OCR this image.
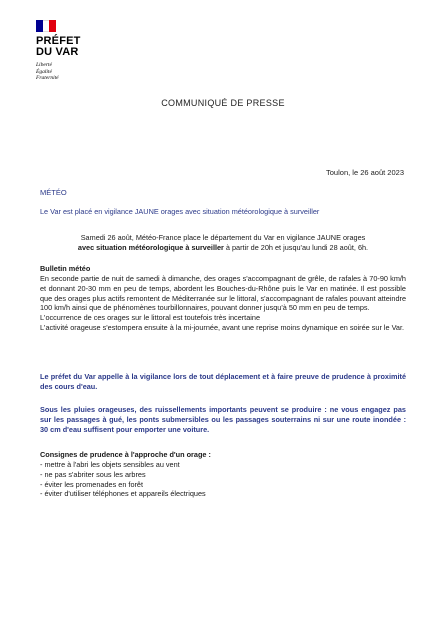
PRÉFET
DU VAR
Liberté
Égalité
Fraternité
COMMUNIQUÉ DE PRESSE
Toulon, le 26 août 2023
MÉTÉO
Le Var est placé en vigilance JAUNE orages avec situation météorologique à surveiller
Samedi 26 août, Météo-France place le département du Var en vigilance JAUNE orages
avec situation météorologique à surveiller à partir de 20h et jusqu'au lundi 28 août, 6h.
Bulletin météo
En seconde partie de nuit de samedi à dimanche, des orages s'accompagnant de grêle, de rafales à 70-90 km/h et donnant 20-30 mm en peu de temps, abordent les Bouches-du-Rhône puis le Var en matinée. Il est possible que des orages plus actifs remontent de Méditerranée sur le littoral, s'accompagnant de rafales pouvant atteindre 100 km/h ainsi que de phénomènes tourbillonnaires, pouvant donner jusqu'à 50 mm en peu de temps.
L'occurrence de ces orages sur le littoral est toutefois très incertaine
L'activité orageuse s'estompera ensuite à la mi-journée, avant une reprise moins dynamique en soirée sur le Var.
Le préfet du Var appelle à la vigilance lors de tout déplacement et à faire preuve de prudence à proximité des cours d'eau.
Sous les pluies orageuses, des ruissellements importants peuvent se produire : ne vous engagez pas sur les passages à gué, les ponts submersibles ou les passages souterrains ni sur une route inondée : 30 cm d'eau suffisent pour emporter une voiture.
Consignes de prudence à l'approche d'un orage :
- mettre à l'abri les objets sensibles au vent
- ne pas s'abriter sous les arbres
- éviter les promenades en forêt
- éviter d'utiliser téléphones et appareils électriques
